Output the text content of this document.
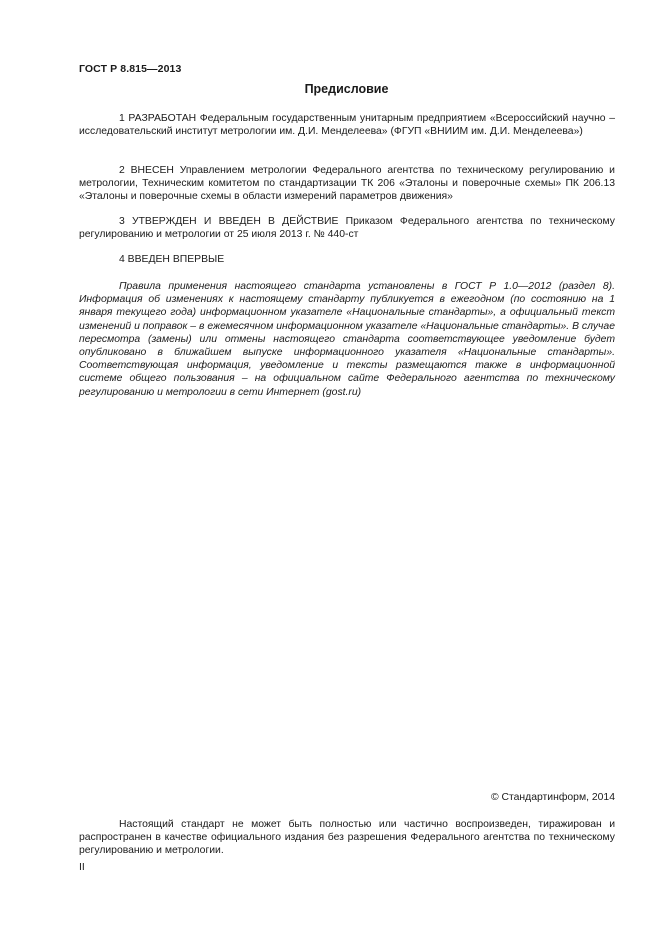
ГОСТ Р 8.815—2013
Предисловие

1 РАЗРАБОТАН Федеральным государственным унитарным предприятием «Всероссийский научно – исследовательский институт метрологии им. Д.И. Менделеева» (ФГУП «ВНИИМ им. Д.И. Менделеева»)

2 ВНЕСЕН Управлением метрологии Федерального агентства по техническому регулированию и метрологии, Техническим комитетом по стандартизации ТК 206 «Эталоны и поверочные схемы» ПК 206.13 «Эталоны и поверочные схемы в области измерений параметров движения»

3 УТВЕРЖДЕН И ВВЕДЕН В ДЕЙСТВИЕ Приказом Федерального агентства по техническому регулированию и метрологии от 25 июля 2013 г. № 440-ст

4 ВВЕДЕН ВПЕРВЫЕ

Правила применения настоящего стандарта установлены в ГОСТ Р 1.0—2012 (раздел 8). Информация об изменениях к настоящему стандарту публикуется в ежегодном (по состоянию на 1 января текущего года) информационном указателе «Национальные стандарты», а официальный текст изменений и поправок – в ежемесячном информационном указателе «Национальные стандарты». В случае пересмотра (замены) или отмены настоящего стандарта соответствующее уведомление будет опубликовано в ближайшем выпуске информационного указателя «Национальные стандарты». Соответствующая информация, уведомление и тексты размещаются также в информационной системе общего пользования – на официальном сайте Федерального агентства по техническому регулированию и метрологии в сети Интернет (gost.ru)

© Стандартинформ, 2014

Настоящий стандарт не может быть полностью или частично воспроизведен, тиражирован и распространен в качестве официального издания без разрешения Федерального агентства по техническому регулированию и метрологии.

II
